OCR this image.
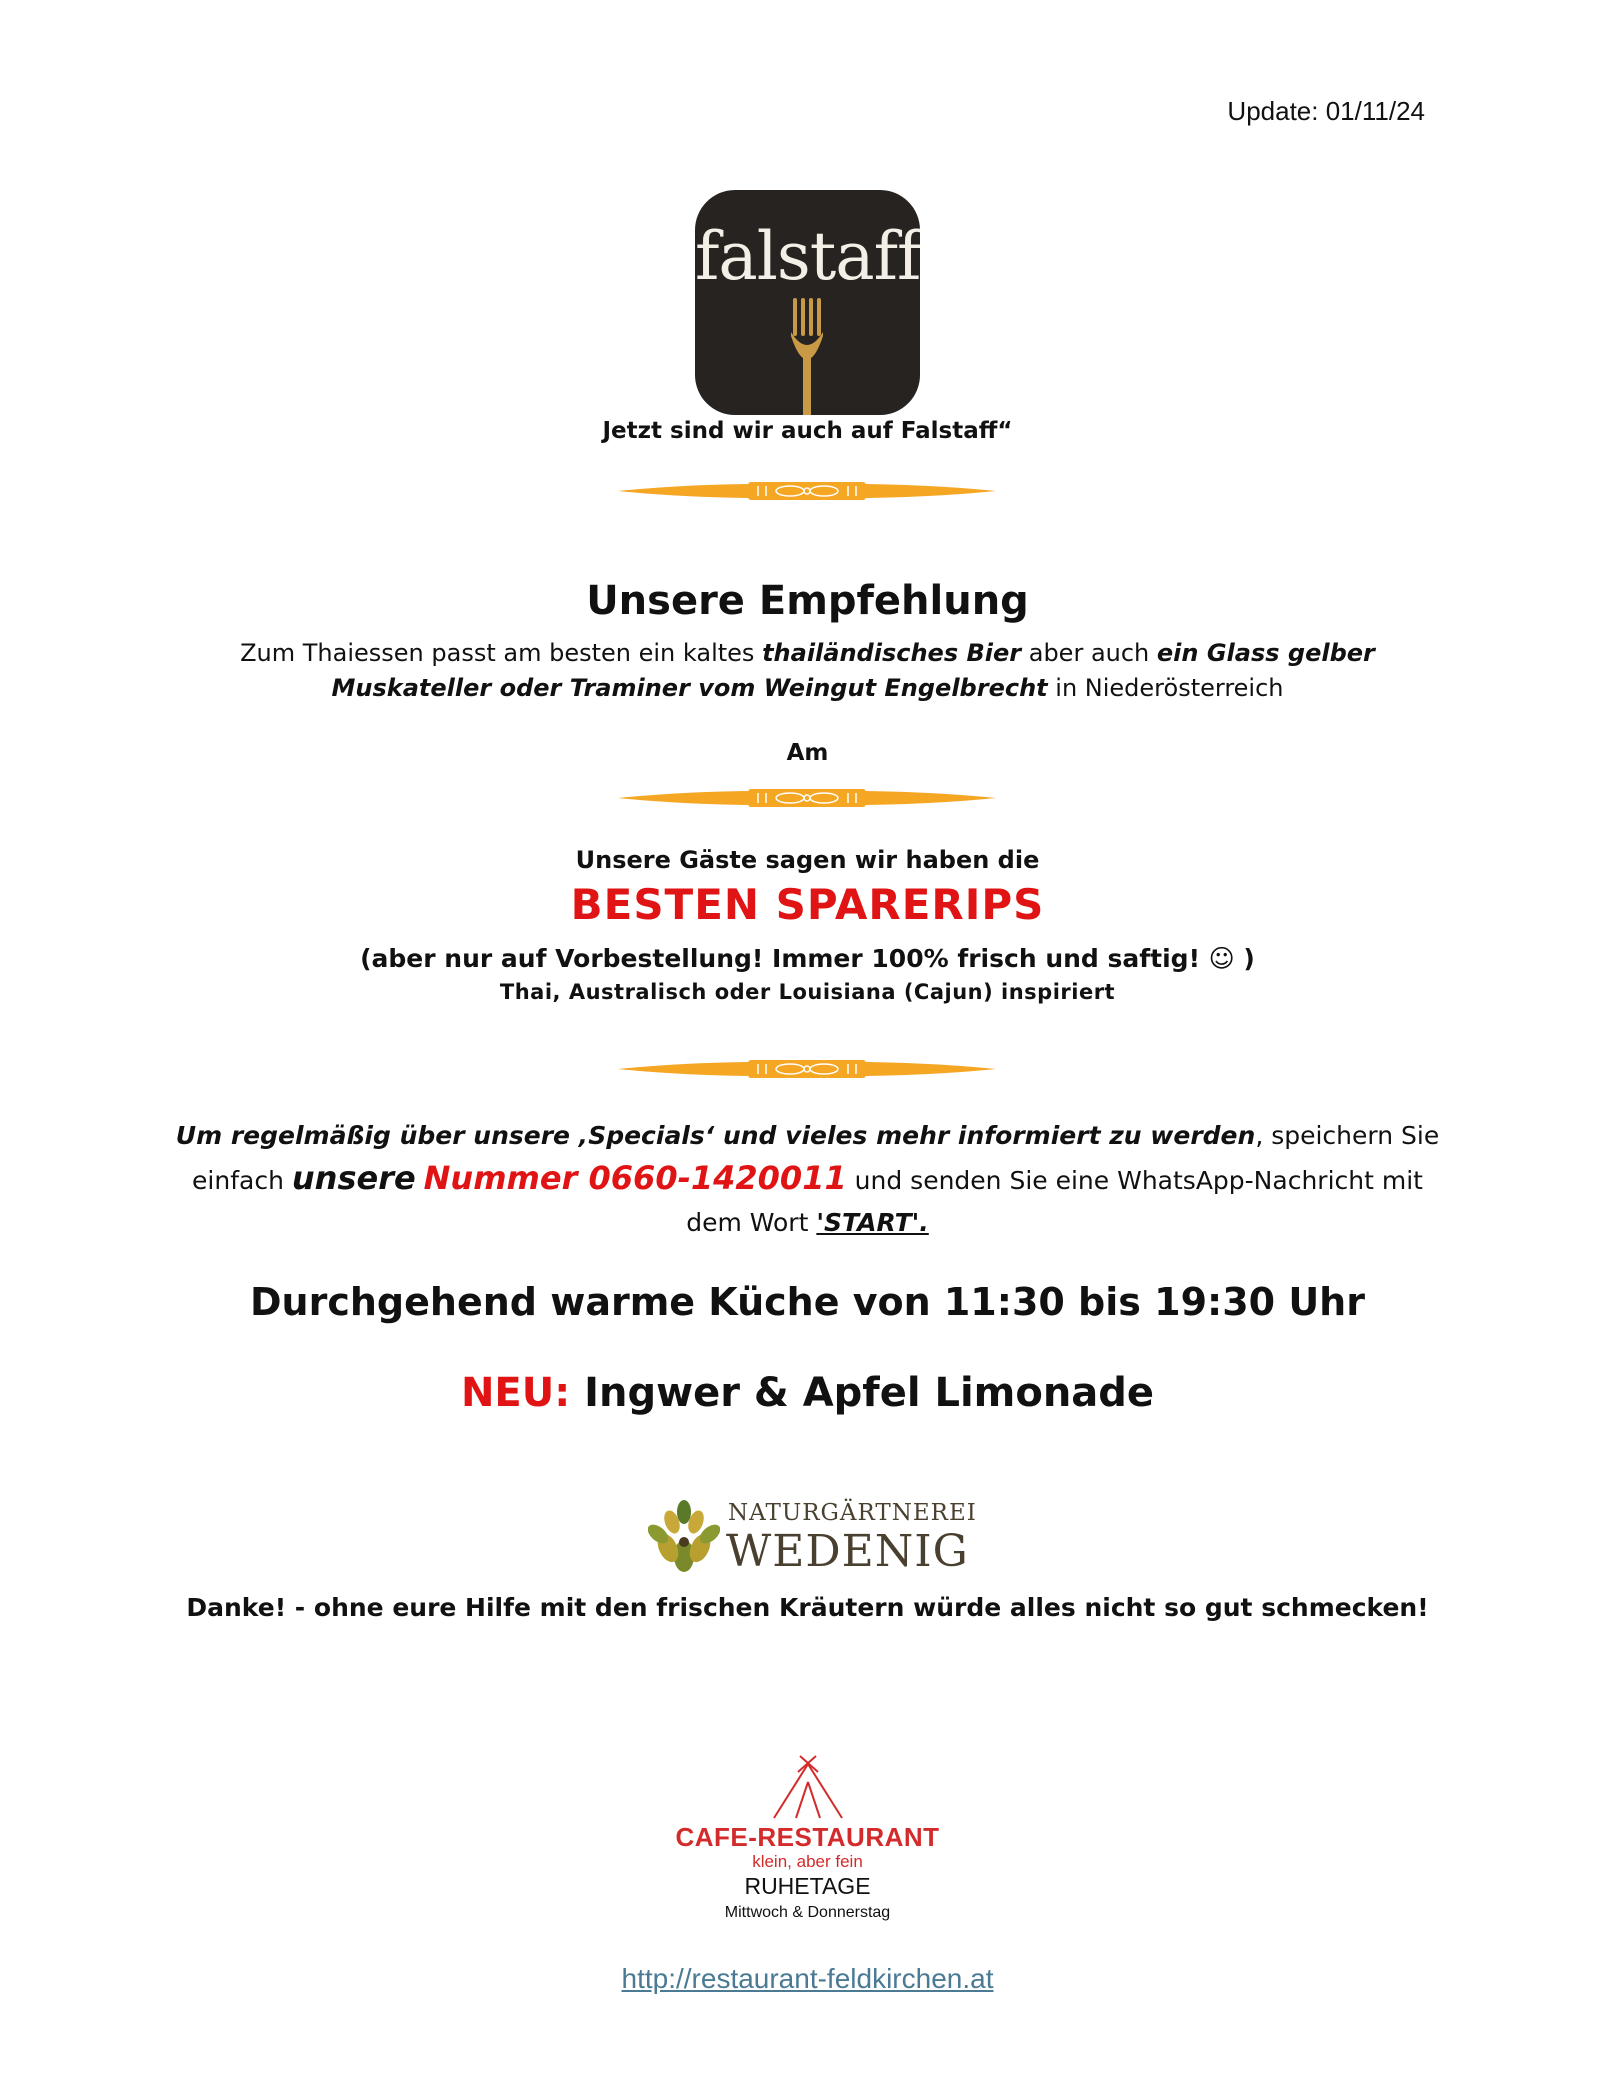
Update: 01/11/24
falstaff
Jetzt sind wir auch auf Falstaff“
Unsere Empfehlung
Zum Thaiessen passt am besten ein kaltes thailändisches Bier aber auch ein Glass gelber
Muskateller oder Traminer vom Weingut Engelbrecht in Niederösterreich
Am
Unsere Gäste sagen wir haben die
BESTEN SPARERIPS
(aber nur auf Vorbestellung! Immer 100% frisch und saftig! ☺ )
Thai, Australisch oder Louisiana (Cajun) inspiriert
Um regelmäßig über unsere ‚Specials‘ und vieles mehr informiert zu werden, speichern Sie
einfach unsere Nummer 0660-1420011 und senden Sie eine WhatsApp-Nachricht mit
dem Wort 'START'.
Durchgehend warme Küche von 11:30 bis 19:30 Uhr
NEU: Ingwer & Apfel Limonade
NATURGÄRTNEREI
WEDENIG
Danke! - ohne eure Hilfe mit den frischen Kräutern würde alles nicht so gut schmecken!
CAFE-RESTAURANT
klein, aber fein
RUHETAGE
Mittwoch & Donnerstag
http://restaurant-feldkirchen.at
